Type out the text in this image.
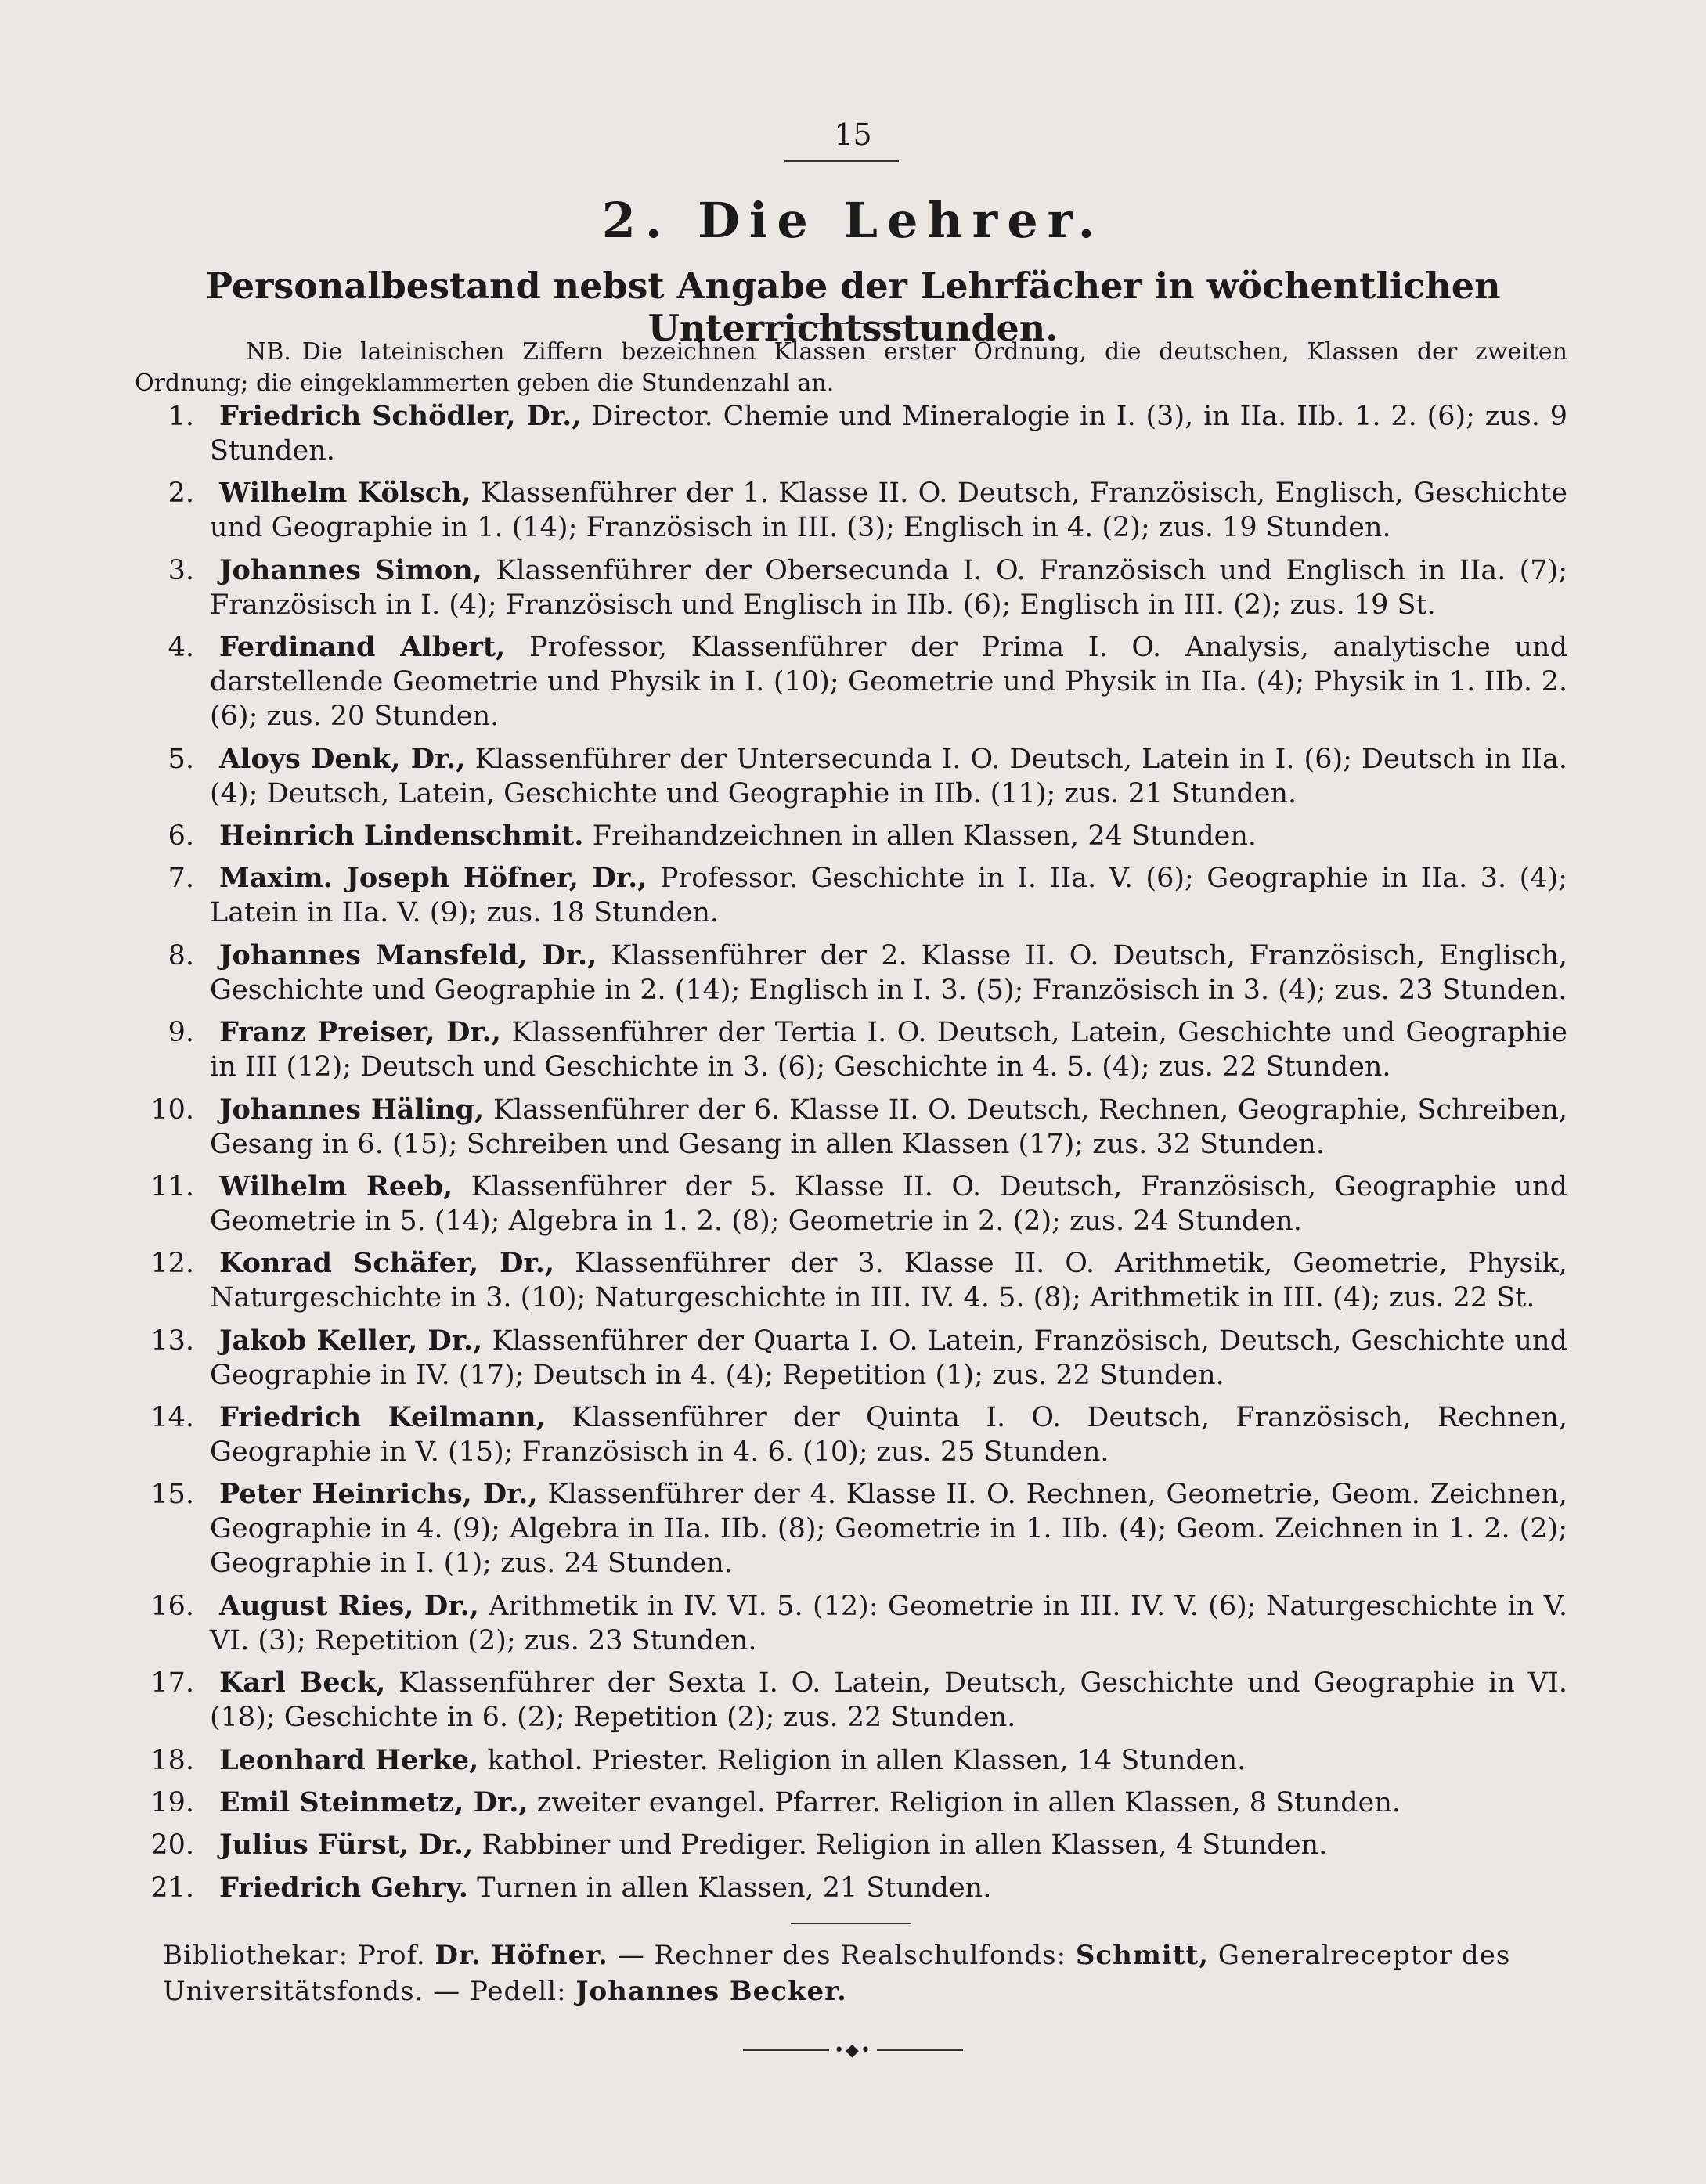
15
2. Die Lehrer.
Personalbestand nebst Angabe der Lehrfächer in wöchentlichen Unterrichtsstunden.
NB. Die lateinischen Ziffern bezeichnen Klassen erster Ordnung, die deutschen, Klassen der zweiten Ordnung; die eingeklammerten geben die Stundenzahl an.
1. Friedrich Schödler, Dr., Director. Chemie und Mineralogie in I. (3), in IIa. IIb. 1. 2. (6); zus. 9 Stunden.
2. Wilhelm Kölsch, Klassenführer der 1. Klasse II. O. Deutsch, Französisch, Englisch, Geschichte und Geographie in 1. (14); Französisch in III. (3); Englisch in 4. (2); zus. 19 Stunden.
3. Johannes Simon, Klassenführer der Obersecunda I. O. Französisch und Englisch in IIa. (7); Französisch in I. (4); Französisch und Englisch in IIb. (6); Englisch in III. (2); zus. 19 St.
4. Ferdinand Albert, Professor, Klassenführer der Prima I. O. Analysis, analytische und darstellende Geometrie und Physik in I. (10); Geometrie und Physik in IIa. (4); Physik in 1. IIb. 2. (6); zus. 20 Stunden.
5. Aloys Denk, Dr., Klassenführer der Untersecunda I. O. Deutsch, Latein in I. (6); Deutsch in IIa. (4); Deutsch, Latein, Geschichte und Geographie in IIb. (11); zus. 21 Stunden.
6. Heinrich Lindenschmit. Freihandzeichnen in allen Klassen, 24 Stunden.
7. Maxim. Joseph Höfner, Dr., Professor. Geschichte in I. IIa. V. (6); Geographie in IIa. 3. (4); Latein in IIa. V. (9); zus. 18 Stunden.
8. Johannes Mansfeld, Dr., Klassenführer der 2. Klasse II. O. Deutsch, Französisch, Englisch, Geschichte und Geographie in 2. (14); Englisch in I. 3. (5); Französisch in 3. (4); zus. 23 Stunden.
9. Franz Preiser, Dr., Klassenführer der Tertia I. O. Deutsch, Latein, Geschichte und Geographie in III (12); Deutsch und Geschichte in 3. (6); Geschichte in 4. 5. (4); zus. 22 Stunden.
10. Johannes Häling, Klassenführer der 6. Klasse II. O. Deutsch, Rechnen, Geographie, Schreiben, Gesang in 6. (15); Schreiben und Gesang in allen Klassen (17); zus. 32 Stunden.
11. Wilhelm Reeb, Klassenführer der 5. Klasse II. O. Deutsch, Französisch, Geographie und Geometrie in 5. (14); Algebra in 1. 2. (8); Geometrie in 2. (2); zus. 24 Stunden.
12. Konrad Schäfer, Dr., Klassenführer der 3. Klasse II. O. Arithmetik, Geometrie, Physik, Naturgeschichte in 3. (10); Naturgeschichte in III. IV. 4. 5. (8); Arithmetik in III. (4); zus. 22 St.
13. Jakob Keller, Dr., Klassenführer der Quarta I. O. Latein, Französisch, Deutsch, Geschichte und Geographie in IV. (17); Deutsch in 4. (4); Repetition (1); zus. 22 Stunden.
14. Friedrich Keilmann, Klassenführer der Quinta I. O. Deutsch, Französisch, Rechnen, Geographie in V. (15); Französisch in 4. 6. (10); zus. 25 Stunden.
15. Peter Heinrichs, Dr., Klassenführer der 4. Klasse II. O. Rechnen, Geometrie, Geom. Zeichnen, Geographie in 4. (9); Algebra in IIa. IIb. (8); Geometrie in 1. IIb. (4); Geom. Zeichnen in 1. 2. (2); Geographie in I. (1); zus. 24 Stunden.
16. August Ries, Dr., Arithmetik in IV. VI. 5. (12): Geometrie in III. IV. V. (6); Naturgeschichte in V. VI. (3); Repetition (2); zus. 23 Stunden.
17. Karl Beck, Klassenführer der Sexta I. O. Latein, Deutsch, Geschichte und Geographie in VI. (18); Geschichte in 6. (2); Repetition (2); zus. 22 Stunden.
18. Leonhard Herke, kathol. Priester. Religion in allen Klassen, 14 Stunden.
19. Emil Steinmetz, Dr., zweiter evangel. Pfarrer. Religion in allen Klassen, 8 Stunden.
20. Julius Fürst, Dr., Rabbiner und Prediger. Religion in allen Klassen, 4 Stunden.
21. Friedrich Gehry. Turnen in allen Klassen, 21 Stunden.
Bibliothekar: Prof. Dr. Höfner. — Rechner des Realschulfonds: Schmitt, Generalreceptor des Universitätsfonds. — Pedell: Johannes Becker.
•◆•
